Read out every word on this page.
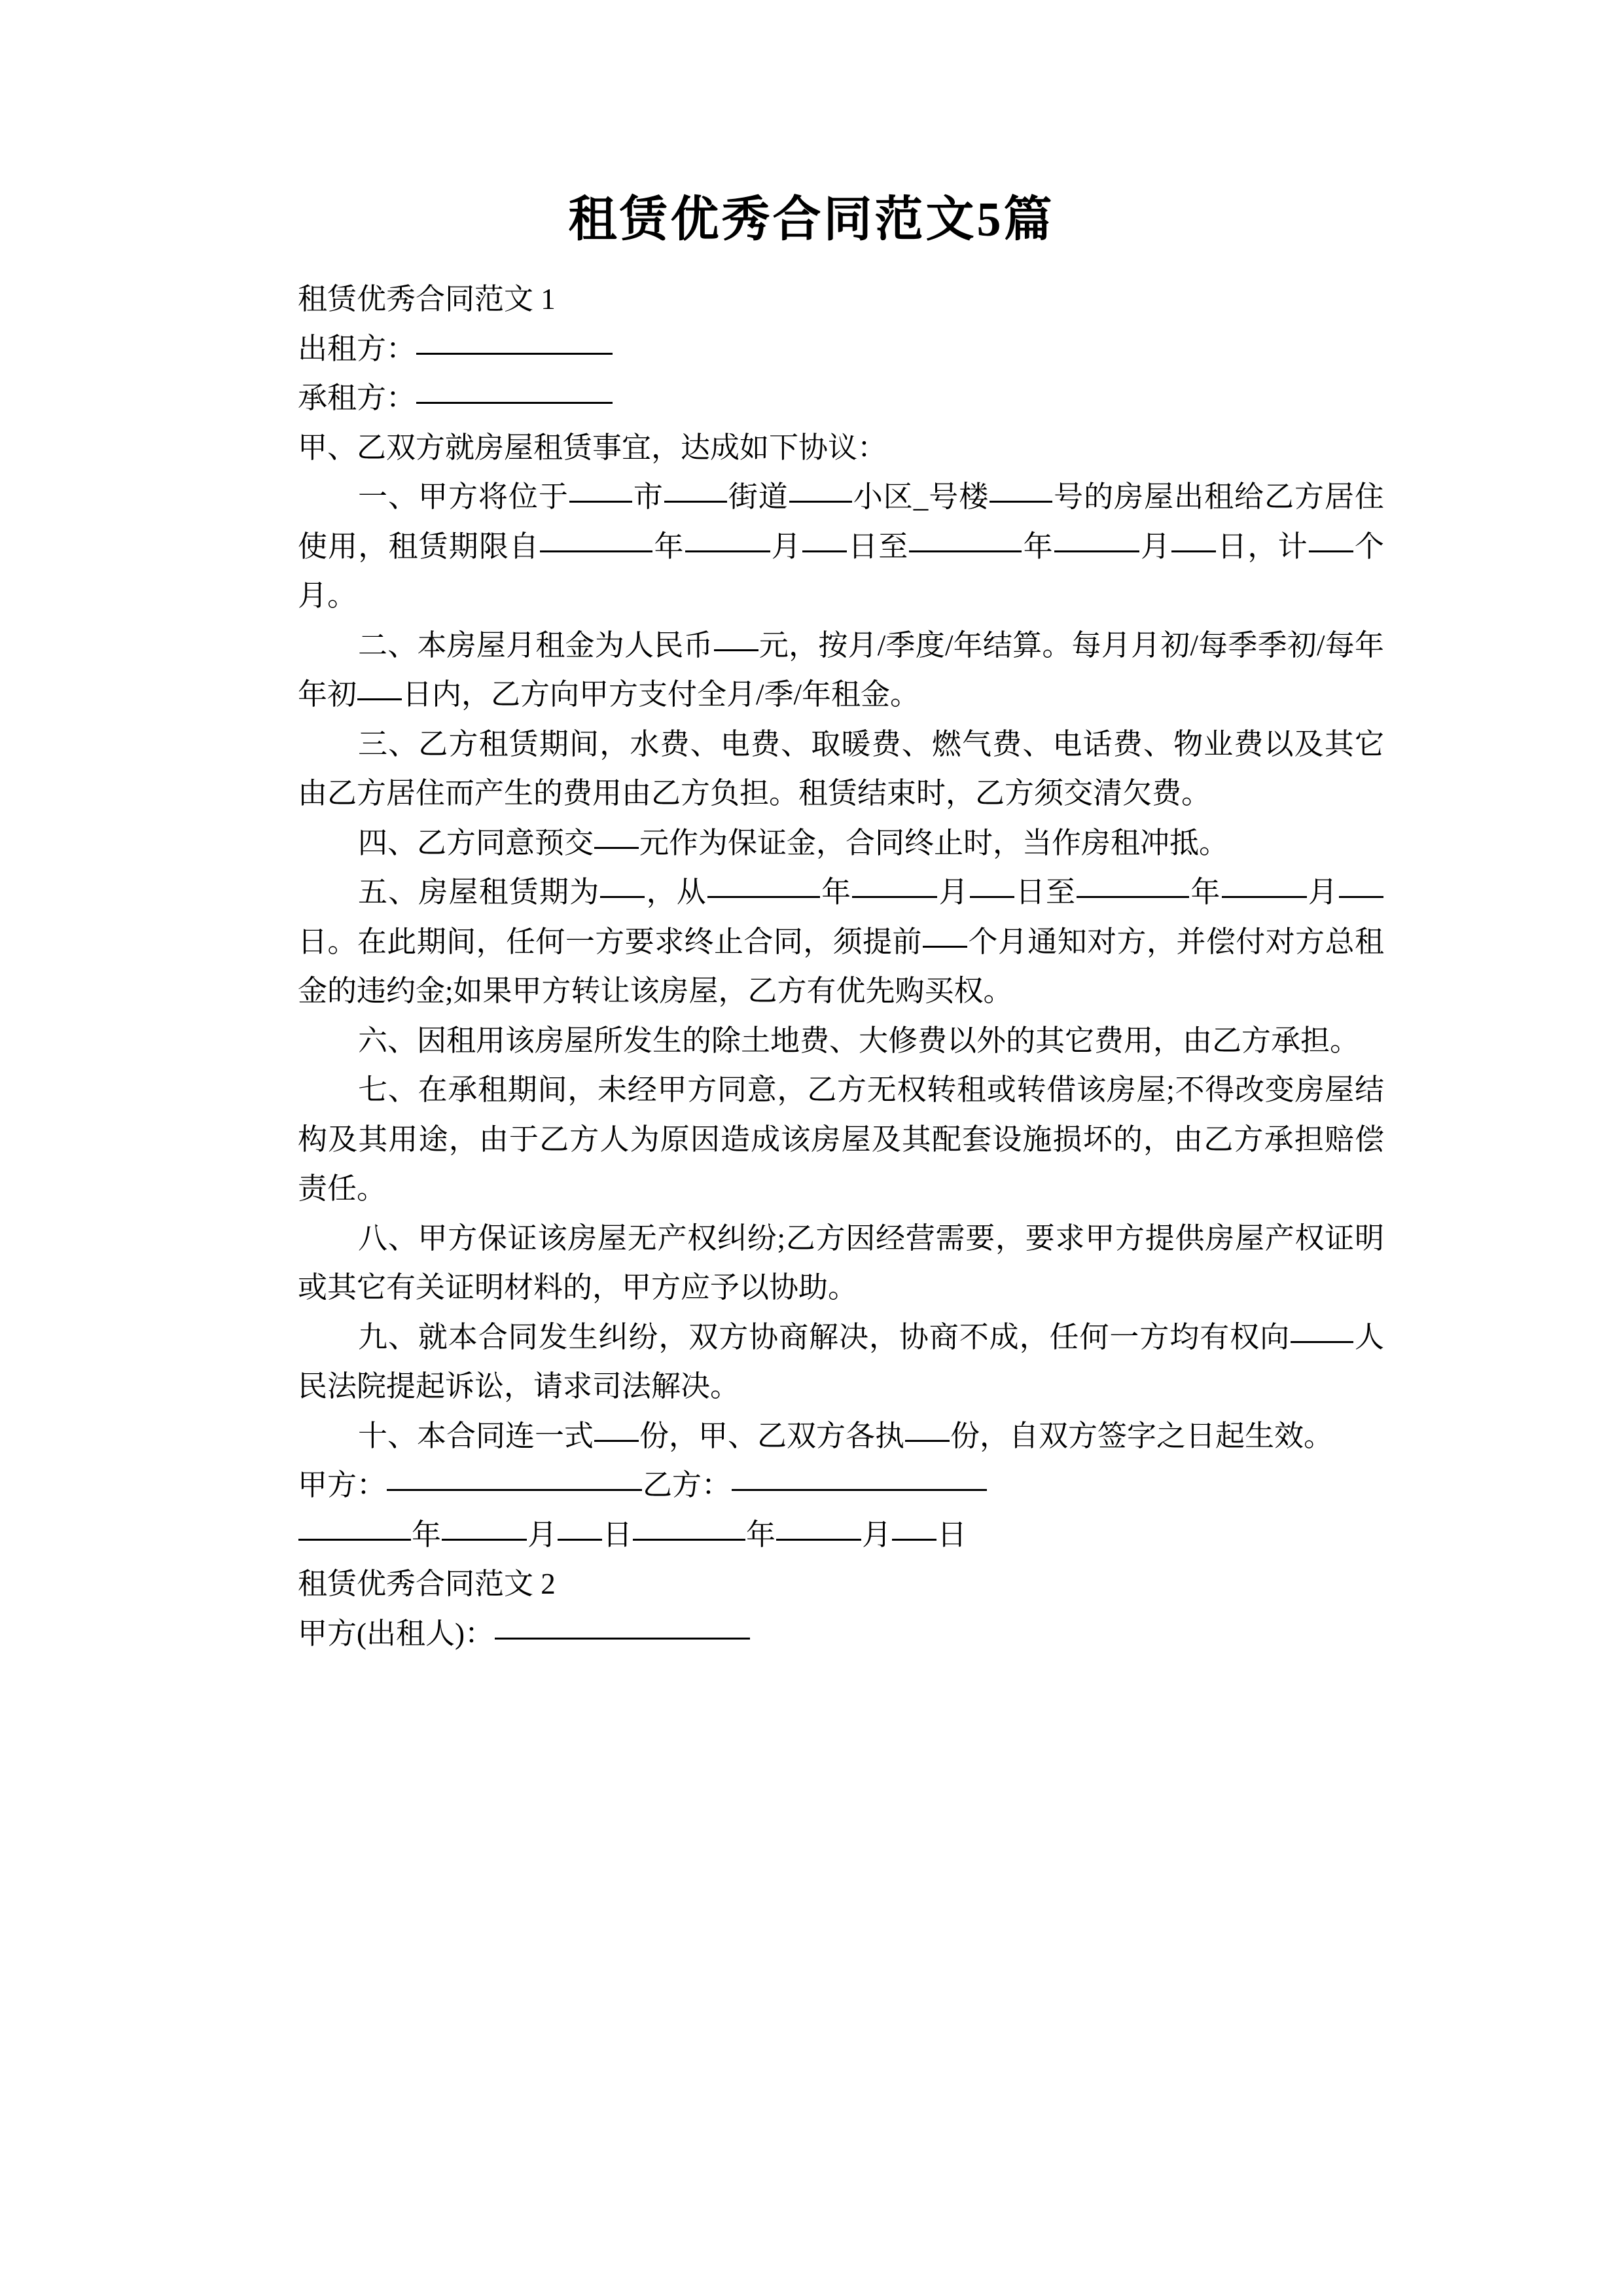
租赁优秀合同范文5篇

租赁优秀合同范文 1

出租方：

承租方：

甲、乙双方就房屋租赁事宜，达成如下协议：

一、甲方将位于 市 街道 小区_号楼 号的房屋出租给乙方居住使用，租赁期限自	年	月 日至	年	月 日，计 个月。

二、本房屋月租金为人民币 元，按月/季度/年结算。每月月初/每季季初/每年年初 日内，乙方向甲方支付全月/季/年租金。

三、乙方租赁期间，水费、电费、取暖费、燃气费、电话费、物业费以及其它由乙方居住而产生的费用由乙方负担。租赁结束时，乙方须交清欠费。

四、乙方同意预交 元作为保证金，合同终止时，当作房租冲抵。

五、房屋租赁期为 ，从	年	月 日至	年	月日。在此期间，任何一方要求终止合同，须提前 个月通知对方，并偿付对方总租金的违约金;如果甲方转让该房屋，乙方有优先购买权。

六、因租用该房屋所发生的除土地费、大修费以外的其它费用，由乙方承担。

七、在承租期间，未经甲方同意，乙方无权转租或转借该房屋;不得改变房屋结构及其用途，由于乙方人为原因造成该房屋及其配套设施损坏的，由乙方承担赔偿责任。

八、甲方保证该房屋无产权纠纷;乙方因经营需要，要求甲方提供房屋产权证明或其它有关证明材料的，甲方应予以协助。

九、就本合同发生纠纷，双方协商解决，协商不成，任何一方均有权向 人民法院提起诉讼，请求司法解决。

十、本合同连一式 份，甲、乙双方各执 份，自双方签字之日起生效。

甲方：	乙方：

年	月 日	年	月 日

租赁优秀合同范文 2

甲方(出租人)：
